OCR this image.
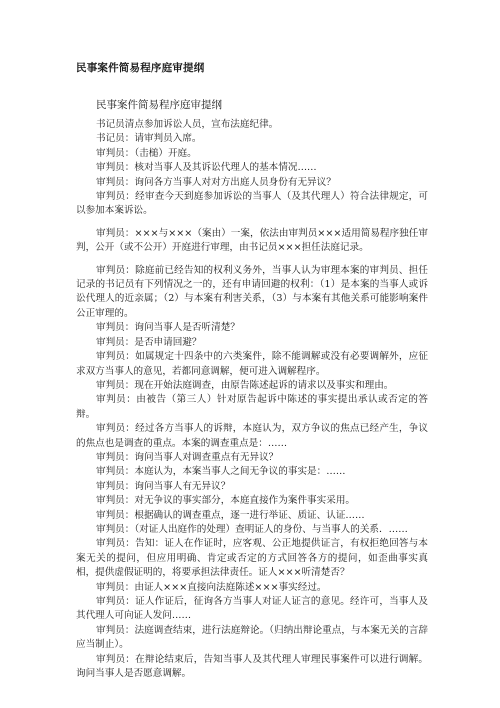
民事案件简易程序庭审提纲
民事案件简易程序庭审提纲

书记员清点参加诉讼人员，宣布法庭纪律。

书记员：请审判员入席。

审判员：（击槌）开庭。

审判员：核对当事人及其诉讼代理人的基本情况……

审判员：询问各方当事人对对方出庭人员身份有无异议？

审判员：经审查今天到庭参加诉讼的当事人（及其代理人）符合法律规定，可以参加本案诉讼。

审判员：×××与×××（案由）一案，依法由审判员×××适用简易程序独任审判，公开（或不公开）开庭进行审理，由书记员×××担任法庭记录。

审判员：除庭前已经告知的权利义务外，当事人认为审理本案的审判员、担任记录的书记员有下列情况之一的，还有申请回避的权利：（1）是本案的当事人或诉讼代理人的近亲属；（2）与本案有利害关系，（3）与本案有其他关系可能影响案件公正审理的。

审判员：询问当事人是否听清楚？

审判员：是否申请回避？

审判员：如属规定十四条中的六类案件，除不能调解或没有必要调解外，应征求双方当事人的意见，若都同意调解，便可进入调解程序。

审判员：现在开始法庭调查，由原告陈述起诉的请求以及事实和理由。

审判员：由被告（第三人）针对原告起诉中陈述的事实提出承认或否定的答辩。

审判员：经过各方当事人的诉辩，本庭认为，双方争议的焦点已经产生，争议的焦点也是调查的重点。本案的调查重点是：……

审判员：询问当事人对调查重点有无异议？

审判员：本庭认为，本案当事人之间无争议的事实是：……

审判员：询问当事人有无异议？

审判员：对无争议的事实部分，本庭直接作为案件事实采用。

审判员：根据确认的调查重点，逐一进行举证、质证、认证……

审判员：（对证人出庭作的处理）查明证人的身份、与当事人的关系．……

审判员：告知：证人在作证时，应客观、公正地提供证言，有权拒绝回答与本案无关的提问，但应用明确、肯定或否定的方式回答各方的提问，如歪曲事实真相，提供虚假证明的，将要承担法律责任。证人×××听清楚否？

审判员：由证人×××直接向法庭陈述×××事实经过。

审判员：证人作证后，征询各方当事人对证人证言的意见。经许可，当事人及其代理人可向证人发问……

审判员：法庭调查结束，进行法庭辩论。（归纳出辩论重点，与本案无关的言辞应当制止）。

审判员：在辩论结束后，告知当事人及其代理人审理民事案件可以进行调解。询问当事人是否愿意调解。
